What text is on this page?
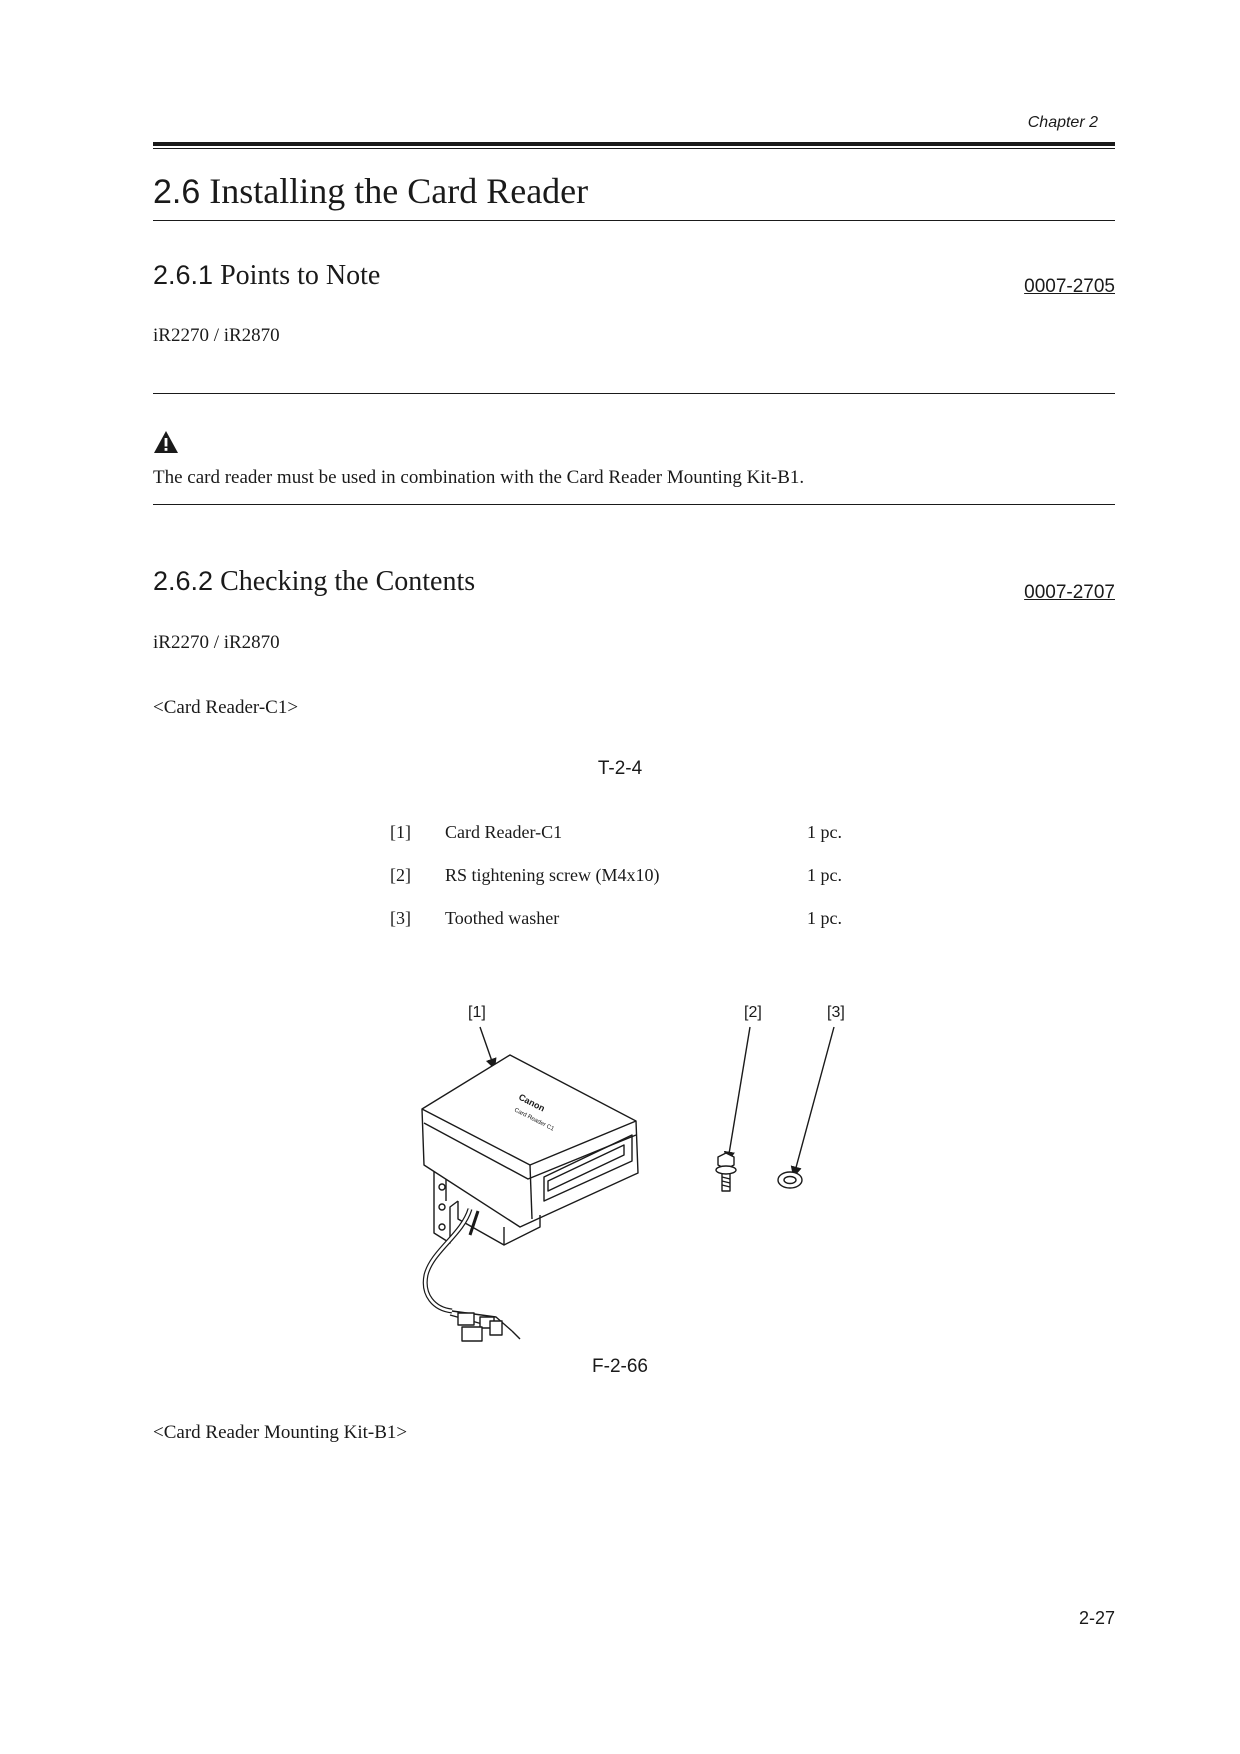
Chapter 2
2.6 Installing the Card Reader
2.6.1 Points to Note	0007-2705
iR2270 / iR2870
The card reader must be used in combination with the Card Reader Mounting Kit-B1.
2.6.2 Checking the Contents	0007-2707
iR2270 / iR2870
<Card Reader-C1>
T-2-4
[1]	Card Reader-C1	1 pc.
[2]	RS tightening screw (M4x10)	1 pc.
[3]	Toothed washer	1 pc.
[1]	[2]	[3]
Canon
Card Reader C1
F-2-66
<Card Reader Mounting Kit-B1>
2-27
